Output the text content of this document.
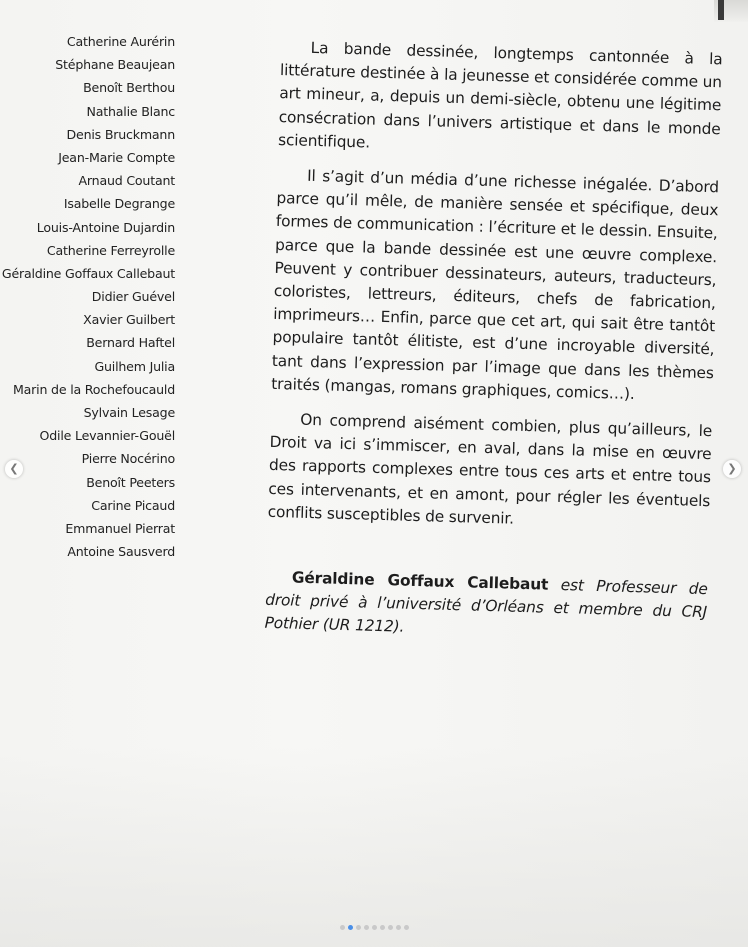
Catherine Aurérin
Stéphane Beaujean
Benoît Berthou
Nathalie Blanc
Denis Bruckmann
Jean-Marie Compte
Arnaud Coutant
Isabelle Degrange
Louis-Antoine Dujardin
Catherine Ferreyrolle
Géraldine Goffaux Callebaut
Didier Guével
Xavier Guilbert
Bernard Haftel
Guilhem Julia
Marin de la Rochefoucauld
Sylvain Lesage
Odile Levannier-Gouël
Pierre Nocérino
Benoît Peeters
Carine Picaud
Emmanuel Pierrat
Antoine Sausverd

La bande dessinée, longtemps cantonnée à la littérature destinée à la jeunesse et considérée comme un art mineur, a, depuis un demi-siècle, obtenu une légitime consécration dans l’univers artistique et dans le monde scientifique.

Il s’agit d’un média d’une richesse inégalée. D’abord parce qu’il mêle, de manière sensée et spécifique, deux formes de communication : l’écriture et le dessin. Ensuite, parce que la bande dessinée est une œuvre complexe. Peuvent y contribuer dessinateurs, auteurs, traducteurs, coloristes, lettreurs, éditeurs, chefs de fabrication, imprimeurs… Enfin, parce que cet art, qui sait être tantôt populaire tantôt élitiste, est d’une incroyable diversité, tant dans l’expression par l’image que dans les thèmes traités (mangas, romans graphiques, comics…).

On comprend aisément combien, plus qu’ailleurs, le Droit va ici s’immiscer, en aval, dans la mise en œuvre des rapports complexes entre tous ces arts et entre tous ces intervenants, et en amont, pour régler les éventuels conflits susceptibles de survenir.

Géraldine Goffaux Callebaut est Professeur de droit privé à l’université d’Orléans et membre du CRJ Pothier (UR 1212).

❮	❯
